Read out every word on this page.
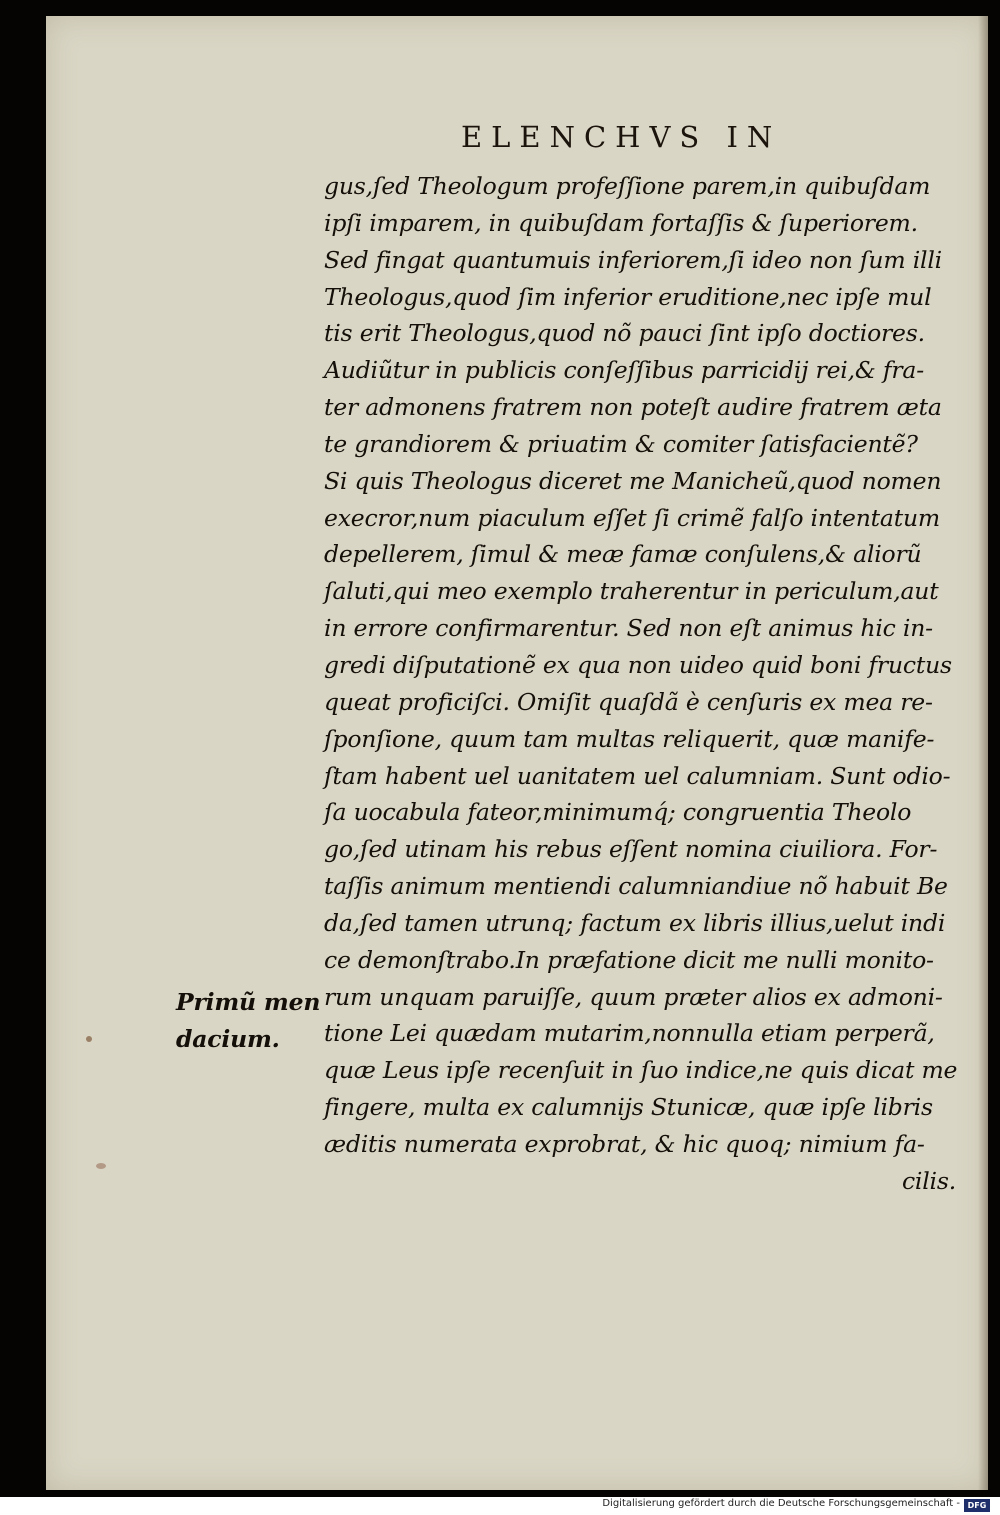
ELENCHVS IN
gus,ſed Theologum profeſſione parem,in quibuſdam
ipſi imparem, in quibuſdam fortaſſis & ſuperiorem.
Sed fingat quantumuis inferiorem,ſi ideo non ſum illi
Theologus,quod ſim inferior eruditione,nec ipſe mul
tis erit Theologus,quod nõ pauci ſint ipſo doctiores.
Audiũtur in publicis conſeſſibus parricidij rei,& fra-
ter admonens fratrem non poteſt audire fratrem æta
te grandiorem & priuatim & comiter ſatisfacientẽ?
Si quis Theologus diceret me Manicheũ,quod nomen
execror,num piaculum eſſet ſi crimẽ falſo intentatum
depellerem, ſimul & meæ famæ conſulens,& aliorũ
ſaluti,qui meo exemplo traherentur in periculum,aut
in errore confirmarentur. Sed non eſt animus hic in-
gredi diſputationẽ ex qua non uideo quid boni fructus
queat proficiſci. Omiſit quaſdã è cenſuris ex mea re-
ſponſione, quum tam multas reliquerit, quæ manife-
ſtam habent uel uanitatem uel calumniam. Sunt odio-
ſa uocabula fateor,minimumq́; congruentia Theolo
go,ſed utinam his rebus eſſent nomina ciuiliora. For-
taſſis animum mentiendi calumniandiue nõ habuit Be
da,ſed tamen utrunq; factum ex libris illius,uelut indi
ce demonſtrabo.In præfatione dicit me nulli monito-
rum unquam paruiſſe, quum præter alios ex admoni-
tione Lei quædam mutarim,nonnulla etiam perperã,
quæ Leus ipſe recenſuit in ſuo indice,ne quis dicat me
fingere, multa ex calumnijs Stunicæ, quæ ipſe libris
æditis numerata exprobrat, & hic quoq; nimium fa-
cilis.
Primũ men
dacium.
Digitalisierung gefördert durch die Deutsche Forschungsgemeinschaft - DFG
